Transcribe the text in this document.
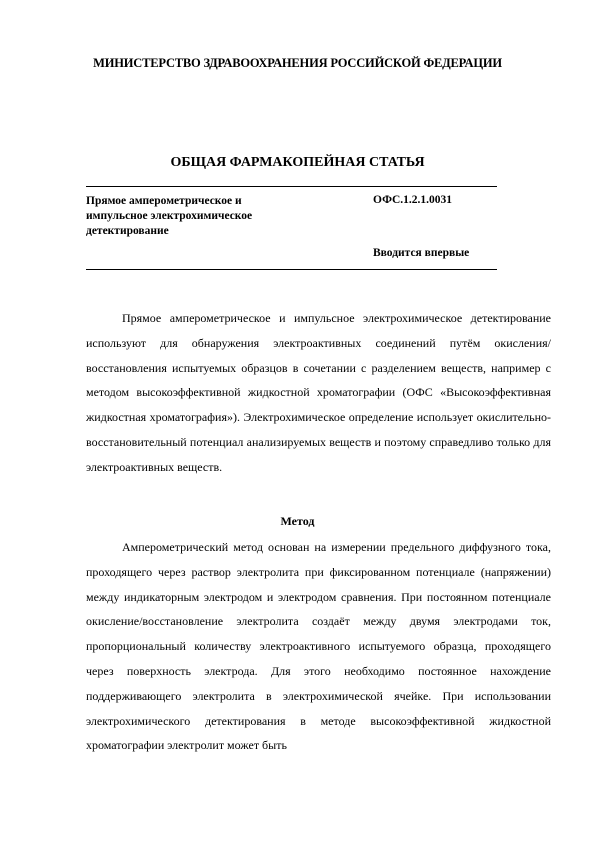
МИНИСТЕРСТВО ЗДРАВООХРАНЕНИЯ РОССИЙСКОЙ ФЕДЕРАЦИИ
ОБЩАЯ ФАРМАКОПЕЙНАЯ СТАТЬЯ
Прямое амперометрическое и импульсное электрохимическое детектирование
ОФС.1.2.1.0031
Вводится впервые

Прямое амперометрическое и импульсное электрохимическое детектирование используют для обнаружения электроактивных соединений путём окисления/восстановления испытуемых образцов в сочетании с разделением веществ, например с методом высокоэффективной жидкостной хроматографии (ОФС «Высокоэффективная жидкостная хроматография»). Электрохимическое определение использует окислительно-восстановительный потенциал анализируемых веществ и поэтому справедливо только для электроактивных веществ.

Метод

Амперометрический метод основан на измерении предельного диффузного тока, проходящего через раствор электролита при фиксированном потенциале (напряжении) между индикаторным электродом и электродом сравнения. При постоянном потенциале окисление/восстановление электролита создаёт между двумя электродами ток, пропорциональный количеству электроактивного испытуемого образца, проходящего через поверхность электрода. Для этого необходимо постоянное нахождение поддерживающего электролита в электрохимической ячейке. При использовании электрохимического детектирования в методе высокоэффективной жидкостной хроматографии электролит может быть
